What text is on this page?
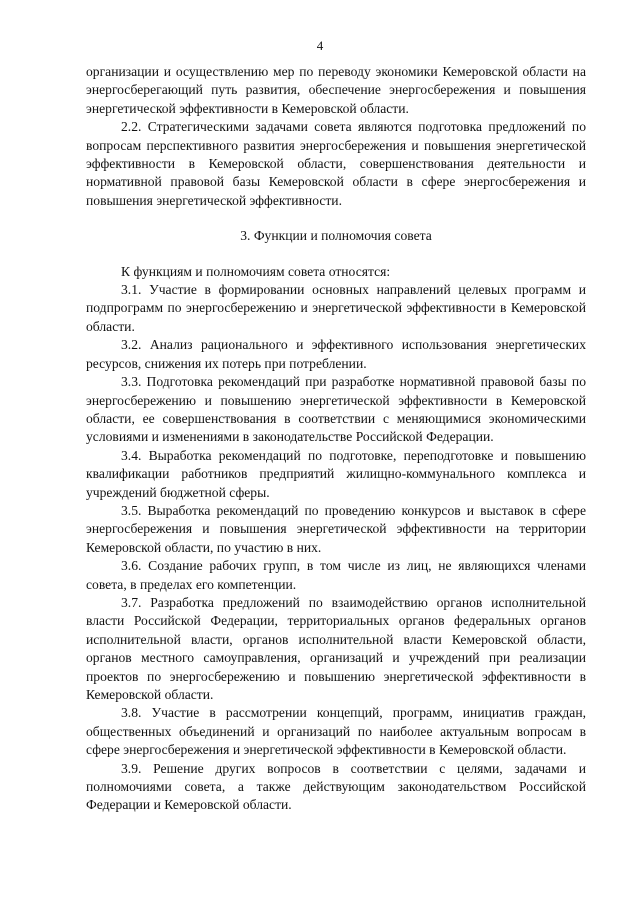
4

организации и осуществлению мер по переводу экономики Кемеровской области на энергосберегающий путь развития, обеспечение энергосбережения и повышения энергетической эффективности в Кемеровской области.

2.2. Стратегическими задачами совета являются подготовка предложений по вопросам перспективного развития энергосбережения и повышения энергетической эффективности в Кемеровской области, совершенствования деятельности и нормативной правовой базы Кемеровской области в сфере энергосбережения и повышения энергетической эффективности.

3. Функции и полномочия совета

К функциям и полномочиям совета относятся:

3.1. Участие в формировании основных направлений целевых программ и подпрограмм по энергосбережению и энергетической эффективности в Кемеровской области.

3.2. Анализ рационального и эффективного использования энергетических ресурсов, снижения их потерь при потреблении.

3.3. Подготовка рекомендаций при разработке нормативной правовой базы по энергосбережению и повышению энергетической эффективности в Кемеровской области, ее совершенствования в соответствии с меняющимися экономическими условиями и изменениями в законодательстве Российской Федерации.

3.4. Выработка рекомендаций по подготовке, переподготовке и повышению квалификации работников предприятий жилищно-коммунального комплекса и учреждений бюджетной сферы.

3.5. Выработка рекомендаций по проведению конкурсов и выставок в сфере энергосбережения и повышения энергетической эффективности на территории Кемеровской области, по участию в них.

3.6. Создание рабочих групп, в том числе из лиц, не являющихся членами совета, в пределах его компетенции.

3.7. Разработка предложений по взаимодействию органов исполнительной власти Российской Федерации, территориальных органов федеральных органов исполнительной власти, органов исполнительной власти Кемеровской области, органов местного самоуправления, организаций и учреждений при реализации проектов по энергосбережению и повышению энергетической эффективности в Кемеровской области.

3.8. Участие в рассмотрении концепций, программ, инициатив граждан, общественных объединений и организаций по наиболее актуальным вопросам в сфере энергосбережения и энергетической эффективности в Кемеровской области.

3.9. Решение других вопросов в соответствии с целями, задачами и полномочиями совета, а также действующим законодательством Российской Федерации и Кемеровской области.
